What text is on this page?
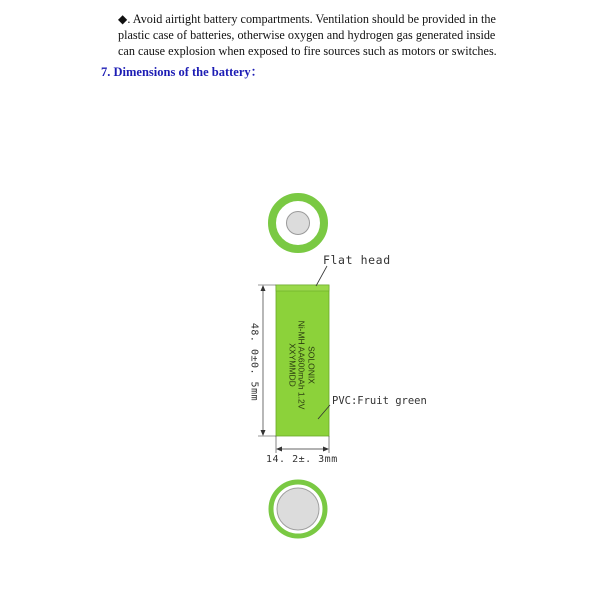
◆. Avoid airtight battery compartments. Ventilation should be provided in the
plastic case of batteries, otherwise oxygen and hydrogen gas generated inside
can cause explosion when exposed to fire sources such as motors or switches.
7. Dimensions of the battery：
SOLONIX
Ni-MH AA600mAh 1.2V
XXYMMDD
Flat head
PVC:Fruit green
14. 2±. 3mm
48. 0±0. 5mm
